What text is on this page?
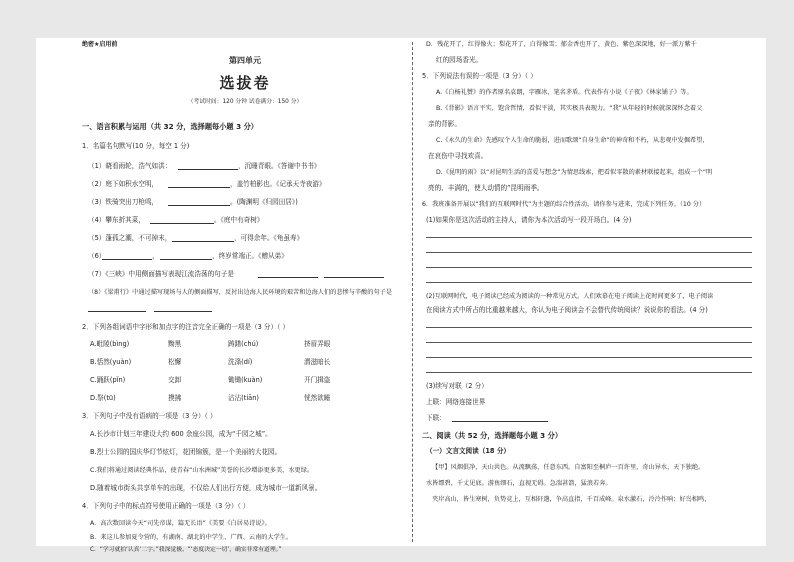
绝密★启用前
第四单元
选拔卷
（考试时间：120 分钟 试卷满分：150 分）
一、语言积累与运用（共 32 分，选择题每小题 3 分）
1．名篇名句默写(10 分，每空 1 分)
（1）晓看雨轮，浩气如洪：	，沉睡青眼。《答谢中书书》
（2）庭下如积水空明，	，盖竹柏影也。《记承天寺夜游》
（3）铁骑突出刀枪鸣，	。(陶渊明《归园田居》)
（4）攀东折其菜，	。《庭中有奇树》
（5）蓬孤之潮，不可掉末，	，可得余年。《龟虽寿》
（6）	，	，终岁常端正。《赠从弟》
（7）《三峡》中用侧面描写表现江流浩荡的句子是
（8）《梁甫行》中通过描写现场与人的侧面描写，反衬出边海人民环境的艰苦和边海人们的悲惨与辛酸的句子是
2．下列各组词语中字形和加点字的注音完全正确的一项是（3 分）（ ）
A.毗陵(bìng)	黝黑	踌躇(chú)	挤眉弄眼
B.恬然(yuàn)	松懈	洗涤(dí)	潜滋暗长
C.踊跃(pǐn)	交卸	锄锄(kuàn)	开门揖盗
D.祭(tū)	摸拂	沾沾(tiān)	恍然欲睡
3．下列句子中没有语病的一项是（3 分）（ ）
A.长沙市计划三年建设大约 600 余座公园，成为“千园之城”。
B.烈士公园的国庆华灯节炫灯，花团锦簇，是一个美丽的大花园。
C.我们将通过阅读经典作品，使青春“山水洲城”美誉的长沙增添更多美，水更绿。
D.随着城市街头共享单车的出现，不仅给人们出行方便，成为城市一道新风景。
4．下列句子中的标点符号使用正确的一项是（3 分）（ ）
A．高次数回读今天“司先帝谋，篇无长语”《美要《白居易诗说》。
B．来这儿参加夏令营的，有湖南、湖北的中学生、广西、云南的大学生。
C．“学习就拍‘认真’二字。”我深觉极、“‘态度决定一切’，确实非常有道理。”
D．残花开了，红得像火；梨花开了，白得像雪；郁金香也开了，黄色、紫色深深地，好一派万紫千
红的园场香光。
5．下列说法有误的一项是（3 分）（ ）
A.《白杨礼赞》的作者原名袁朗，字雁冰，笔名茅盾。代表作有小说《子夜》《林家铺子》等。
B.《背影》语言平实，饱含哲情，看似平淡，其实极具表现力。“我”从年轻的时候就深深怀念着父
亲的背影。
C.《永久的生命》先感叹个人生命的脆弱，进而歌颂“自身生命”的神奇和不朽，从悲观中发掘希望，
在哀伤中寻找欢喜。
D.《昆明的雨》以“对昆明生活的喜爱与想念”为情思线索，把看似零散的素材联接起来，组成一个“明
亮的、丰满的，使人动情的”昆明雨季。
6．我班准备开展以“我们的互联网时代”为主题的综合性活动，请你参与进来，完成下列任务。（10 分）
(1)如果你是这次活动的主持人，请你为本次活动写一段开场白。(4 分)
(2)互联网时代，电子阅读已经成为阅读的一种常见方式。人们欢慕在电子阅读上花时间更多了，电子阅读
在阅读方式中所占的比重越来越大，你认为电子阅读会不会替代传统阅读？说说你的看法。(4 分)
(3)续写对联（2 分）
上联：网络连接世界
下联：
二、阅读（共 52 分，选择题每小题 3 分）
（一）文言文阅读（18 分）
【甲】风烟俱净，天山共色。从流飘荡，任意东西。自富阳至桐庐一百许里，奇山异水，天下独绝。
水皆缥碧，千丈见底。游鱼细石，直视无碍。急湍甚箭，猛浪若奔。
夹岸高山，皆生寒树，负势竞上，互相轩邈，争高直指，千百成峰。泉水激石，泠泠作响；好鸟相鸣，
